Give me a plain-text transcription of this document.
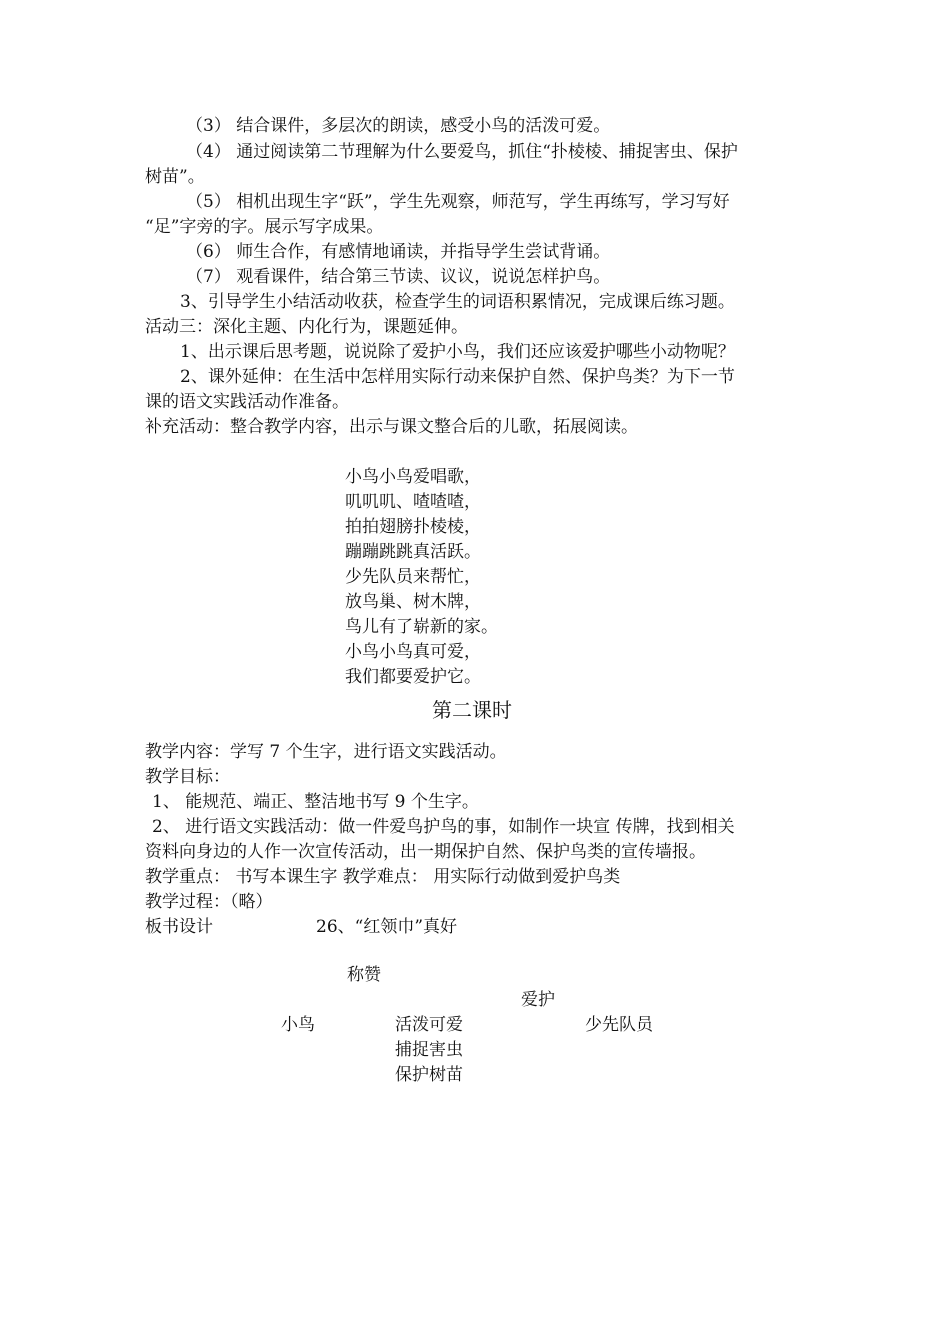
（3） 结合课件，多层次的朗读，感受小鸟的活泼可爱。
（4） 通过阅读第二节理解为什么要爱鸟，抓住“扑棱棱、捕捉害虫、保护
树苗”。
（5） 相机出现生字“跃”，学生先观察，师范写，学生再练写，学习写好
“足”字旁的字。展示写字成果。
（6） 师生合作，有感情地诵读，并指导学生尝试背诵。
（7） 观看课件，结合第三节读、议议，说说怎样护鸟。
3、引导学生小结活动收获，检查学生的词语积累情况，完成课后练习题。
活动三：深化主题、内化行为，课题延伸。
1、出示课后思考题，说说除了爱护小鸟，我们还应该爱护哪些小动物呢？
2、课外延伸：在生活中怎样用实际行动来保护自然、保护鸟类？为下一节
课的语文实践活动作准备。
补充活动：整合教学内容，出示与课文整合后的儿歌，拓展阅读。
小鸟小鸟爱唱歌，
叽叽叽、喳喳喳，
拍拍翅膀扑棱棱，
蹦蹦跳跳真活跃。
少先队员来帮忙，
放鸟巢、树木牌，
鸟儿有了崭新的家。
小鸟小鸟真可爱，
我们都要爱护它。
第二课时
教学内容：学写 7 个生字，进行语文实践活动。
教学目标：
1、 能规范、端正、整洁地书写 9 个生字。
2、 进行语文实践活动：做一件爱鸟护鸟的事，如制作一块宣 传牌，找到相关
资料向身边的人作一次宣传活动，出一期保护自然、保护鸟类的宣传墙报。
教学重点： 书写本课生字 教学难点： 用实际行动做到爱护鸟类
教学过程：（略）
板书设计	26、“红领巾”真好
称赞
爱护
小鸟	活泼可爱	少先队员
捕捉害虫
保护树苗
